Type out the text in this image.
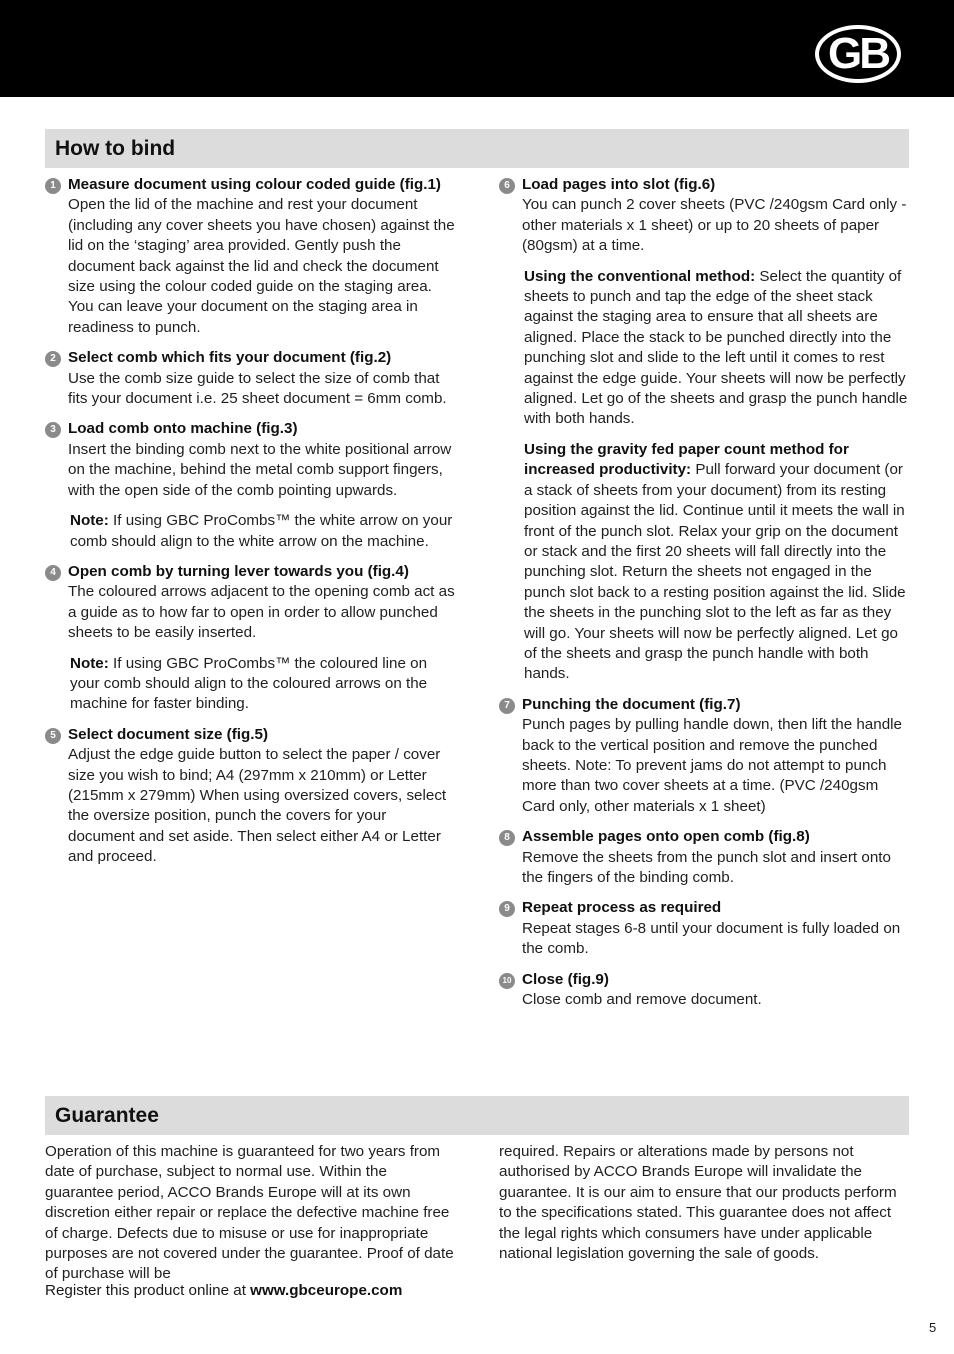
GB
How to bind
1 Measure document using colour coded guide (fig.1)
Open the lid of the machine and rest your document (including any cover sheets you have chosen) against the lid on the ‘staging’ area provided. Gently push the document back against the lid and check the document size using the colour coded guide on the staging area. You can leave your document on the staging area in readiness to punch.
2 Select comb which fits your document (fig.2)
Use the comb size guide to select the size of comb that fits your document i.e. 25 sheet document = 6mm comb.
3 Load comb onto machine (fig.3)
Insert the binding comb next to the white positional arrow on the machine, behind the metal comb support fingers, with the open side of the comb pointing upwards.
Note: If using GBC ProCombs™ the white arrow on your comb should align to the white arrow on the machine.
4 Open comb by turning lever towards you (fig.4)
The coloured arrows adjacent to the opening comb act as a guide as to how far to open in order to allow punched sheets to be easily inserted.
Note: If using GBC ProCombs™ the coloured line on your comb should align to the coloured arrows on the machine for faster binding.
5 Select document size (fig.5)
Adjust the edge guide button to select the paper / cover size you wish to bind; A4 (297mm x 210mm) or Letter (215mm x 279mm) When using oversized covers, select the oversize position, punch the covers for your document and set aside. Then select either A4 or Letter and proceed.
6 Load pages into slot (fig.6)
You can punch 2 cover sheets (PVC /240gsm Card only - other materials x 1 sheet) or up to 20 sheets of paper (80gsm) at a time.
Using the conventional method: Select the quantity of sheets to punch and tap the edge of the sheet stack against the staging area to ensure that all sheets are aligned. Place the stack to be punched directly into the punching slot and slide to the left until it comes to rest against the edge guide. Your sheets will now be perfectly aligned. Let go of the sheets and grasp the punch handle with both hands.
Using the gravity fed paper count method for increased productivity: Pull forward your document (or a stack of sheets from your document) from its resting position against the lid. Continue until it meets the wall in front of the punch slot. Relax your grip on the document or stack and the first 20 sheets will fall directly into the punching slot. Return the sheets not engaged in the punch slot back to a resting position against the lid. Slide the sheets in the punching slot to the left as far as they will go. Your sheets will now be perfectly aligned. Let go of the sheets and grasp the punch handle with both hands.
7 Punching the document (fig.7)
Punch pages by pulling handle down, then lift the handle back to the vertical position and remove the punched sheets. Note: To prevent jams do not attempt to punch more than two cover sheets at a time. (PVC /240gsm Card only, other materials x 1 sheet)
8 Assemble pages onto open comb (fig.8)
Remove the sheets from the punch slot and insert onto the fingers of the binding comb.
9 Repeat process as required
Repeat stages 6-8 until your document is fully loaded on the comb.
10 Close (fig.9)
Close comb and remove document.
Guarantee
Operation of this machine is guaranteed for two years from date of purchase, subject to normal use. Within the guarantee period, ACCO Brands Europe will at its own discretion either repair or replace the defective machine free of charge. Defects due to misuse or use for inappropriate purposes are not covered under the guarantee. Proof of date of purchase will be
required. Repairs or alterations made by persons not authorised by ACCO Brands Europe will invalidate the guarantee. It is our aim to ensure that our products perform to the specifications stated. This guarantee does not affect the legal rights which consumers have under applicable national legislation governing the sale of goods.
Register this product online at www.gbceurope.com
5
